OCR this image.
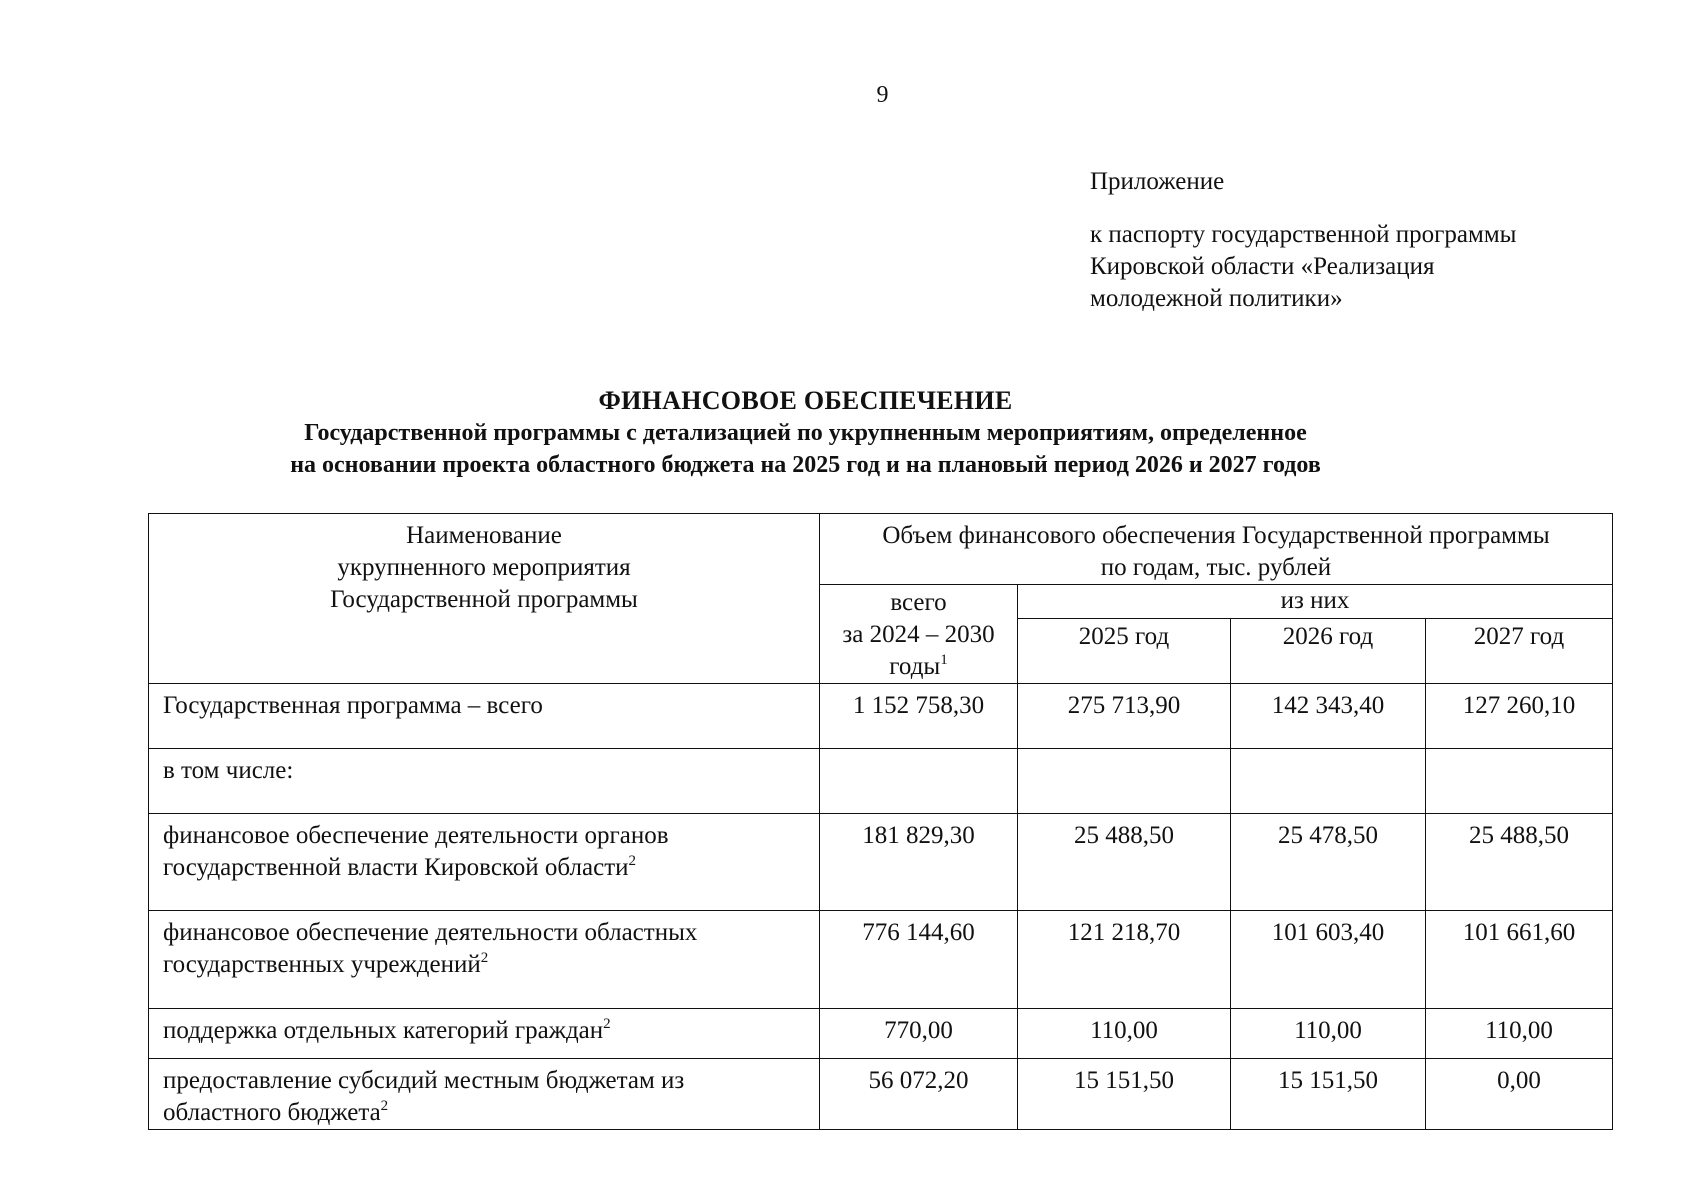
9
Приложение
к паспорту государственной программы
Кировской области «Реализация
молодежной политики»
ФИНАНСОВОЕ ОБЕСПЕЧЕНИЕ
Государственной программы с детализацией по укрупненным мероприятиям, определенное
на основании проекта областного бюджета на 2025 год и на плановый период 2026 и 2027 годов
Наименование
укрупненного мероприятия
Государственной программы	Объем финансового обеспечения Государственной программы
по годам, тыс. рублей			

	всего
за 2024 – 2030
годы$^1$	из них		
		2025 год	2026 год	2027 год

Государственная программа – всего	1 152 758,30	275 713,90	142 343,40	127 260,10

в том числе:				

финансовое обеспечение деятельности органов
государственной власти Кировской области$^2$	181 829,30	25 488,50	25 478,50	25 488,50

финансовое обеспечение деятельности областных
государственных учреждений$^2$	776 144,60	121 218,70	101 603,40	101 661,60

поддержка отдельных категорий граждан$^2$	770,00	110,00	110,00	110,00

предоставление субсидий местным бюджетам из
областного бюджета$^2$	56 072,20	15 151,50	15 151,50	0,00
